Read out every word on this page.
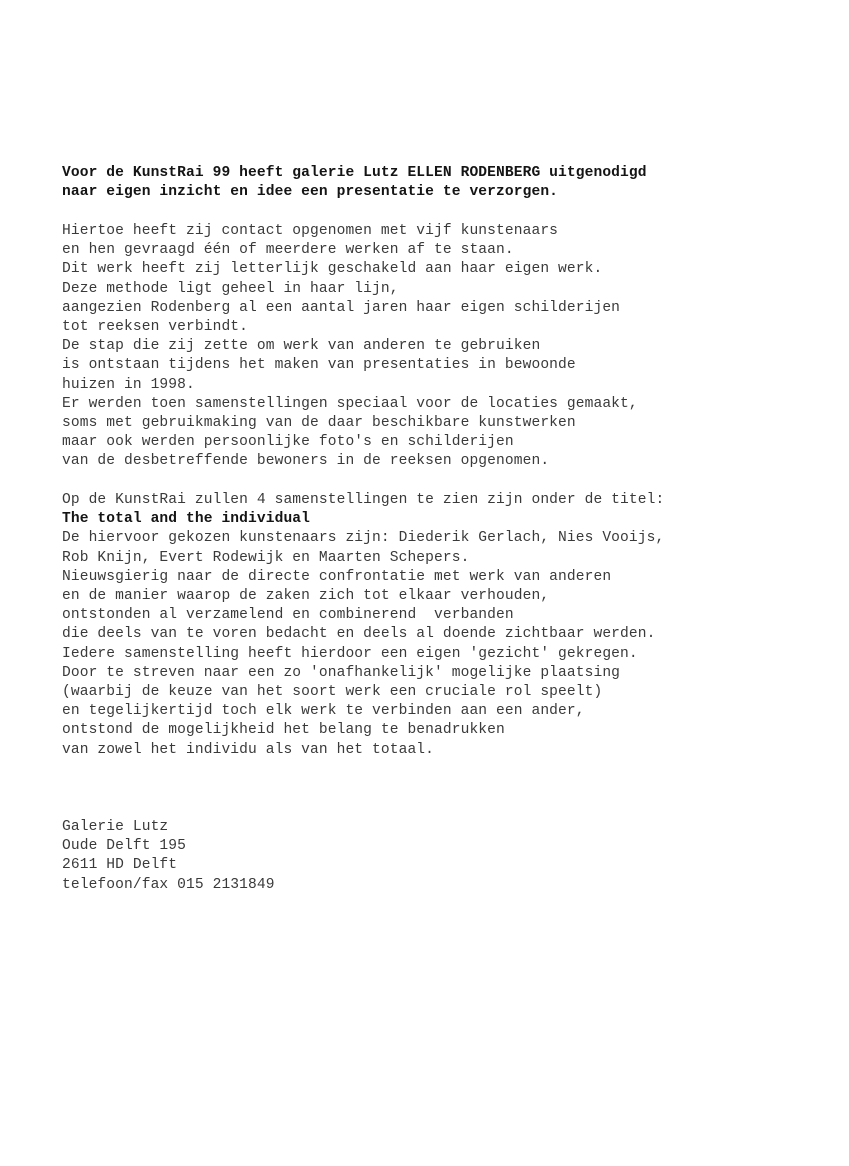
Voor de KunstRai 99 heeft galerie Lutz ELLEN RODENBERG uitgenodigd
naar eigen inzicht en idee een presentatie te verzorgen.
Hiertoe heeft zij contact opgenomen met vijf kunstenaars
en hen gevraagd één of meerdere werken af te staan.
Dit werk heeft zij letterlijk geschakeld aan haar eigen werk.
Deze methode ligt geheel in haar lijn,
aangezien Rodenberg al een aantal jaren haar eigen schilderijen
tot reeksen verbindt.
De stap die zij zette om werk van anderen te gebruiken
is ontstaan tijdens het maken van presentaties in bewoonde
huizen in 1998.
Er werden toen samenstellingen speciaal voor de locaties gemaakt,
soms met gebruikmaking van de daar beschikbare kunstwerken
maar ook werden persoonlijke foto's en schilderijen
van de desbetreffende bewoners in de reeksen opgenomen.
Op de KunstRai zullen 4 samenstellingen te zien zijn onder de titel:
The total and the individual
De hiervoor gekozen kunstenaars zijn: Diederik Gerlach, Nies Vooijs,
Rob Knijn, Evert Rodewijk en Maarten Schepers.
Nieuwsgierig naar de directe confrontatie met werk van anderen
en de manier waarop de zaken zich tot elkaar verhouden,
ontstonden al verzamelend en combinerend  verbanden
die deels van te voren bedacht en deels al doende zichtbaar werden.
Iedere samenstelling heeft hierdoor een eigen 'gezicht' gekregen.
Door te streven naar een zo 'onafhankelijk' mogelijke plaatsing
(waarbij de keuze van het soort werk een cruciale rol speelt)
en tegelijkertijd toch elk werk te verbinden aan een ander,
ontstond de mogelijkheid het belang te benadrukken
van zowel het individu als van het totaal.
Galerie Lutz
Oude Delft 195
2611 HD Delft
telefoon/fax 015 2131849
